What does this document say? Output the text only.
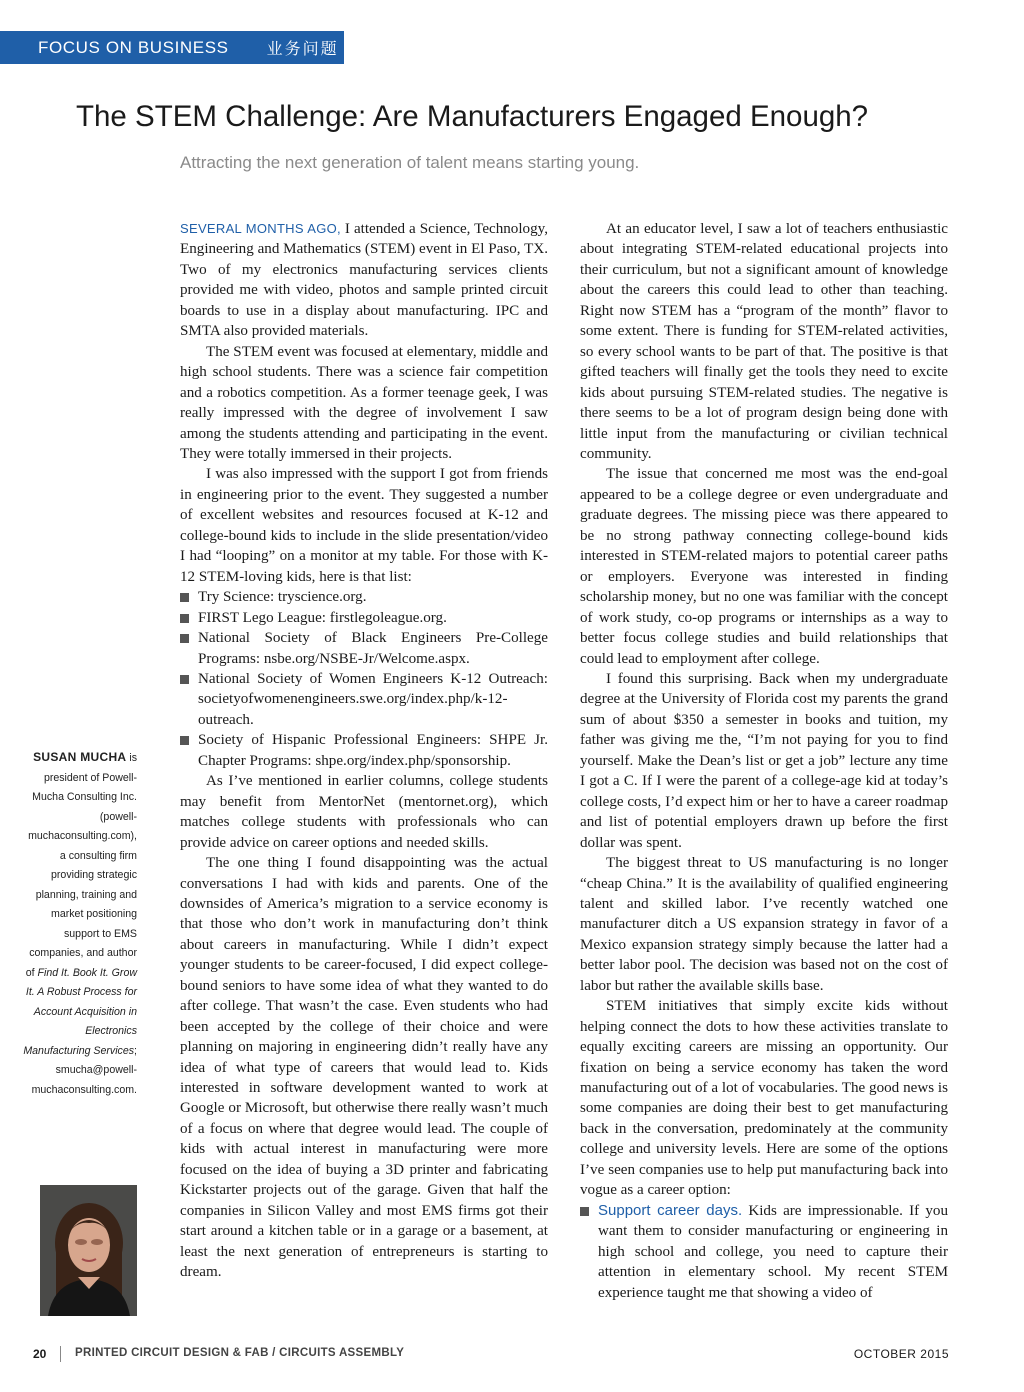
FOCUS ON BUSINESS 业务问题
The STEM Challenge: Are Manufacturers Engaged Enough?

Attracting the next generation of talent means starting young.

SEVERAL MONTHS AGO, I attended a Science, Technology, Engineering and Mathematics (STEM) event in El Paso, TX. Two of my electronics manufacturing services clients provided me with video, photos and sample printed circuit boards to use in a display about manufacturing. IPC and SMTA also provided materials.

The STEM event was focused at elementary, middle and high school students. There was a science fair competition and a robotics competition. As a former teenage geek, I was really impressed with the degree of involvement I saw among the students attending and participating in the event. They were totally immersed in their projects.

I was also impressed with the support I got from friends in engineering prior to the event. They suggested a number of excellent websites and resources focused at K-12 and college-bound kids to include in the slide presentation/video I had “looping” on a monitor at my table. For those with K-12 STEM-loving kids, here is that list:

Try Science: tryscience.org.
FIRST Lego League: firstlegoleague.org.
National Society of Black Engineers Pre-College Programs: nsbe.org/NSBE-Jr/Welcome.aspx.
National Society of Women Engineers K-12 Outreach: societyofwomenengineers.swe.org/index.php/k-12-outreach.
Society of Hispanic Professional Engineers: SHPE Jr. Chapter Programs: shpe.org/index.php/sponsorship.

As I’ve mentioned in earlier columns, college students may benefit from MentorNet (mentornet.org), which matches college students with professionals who can provide advice on career options and needed skills.

The one thing I found disappointing was the actual conversations I had with kids and parents. One of the downsides of America’s migration to a service economy is that those who don’t work in manufacturing don’t think about careers in manufacturing. While I didn’t expect younger students to be career-focused, I did expect college-bound seniors to have some idea of what they wanted to do after college. That wasn’t the case. Even students who had been accepted by the college of their choice and were planning on majoring in engineering didn’t really have any idea of what type of careers that would lead to. Kids interested in software development wanted to work at Google or Microsoft, but otherwise there really wasn’t much of a focus on where that degree would lead. The couple of kids with actual interest in manufacturing were more focused on the idea of buying a 3D printer and fabricating Kickstarter projects out of the garage. Given that half the companies in Silicon Valley and most EMS firms got their start around a kitchen table or in a garage or a basement, at least the next generation of entrepreneurs is starting to dream.

At an educator level, I saw a lot of teachers enthusiastic about integrating STEM-related educational projects into their curriculum, but not a significant amount of knowledge about the careers this could lead to other than teaching. Right now STEM has a “program of the month” flavor to some extent. There is funding for STEM-related activities, so every school wants to be part of that. The positive is that gifted teachers will finally get the tools they need to excite kids about pursuing STEM-related studies. The negative is there seems to be a lot of program design being done with little input from the manufacturing or civilian technical community.

The issue that concerned me most was the end-goal appeared to be a college degree or even undergraduate and graduate degrees. The missing piece was there appeared to be no strong pathway connecting college-bound kids interested in STEM-related majors to potential career paths or employers. Everyone was interested in finding scholarship money, but no one was familiar with the concept of work study, co-op programs or internships as a way to better focus college studies and build relationships that could lead to employment after college.

I found this surprising. Back when my undergraduate degree at the University of Florida cost my parents the grand sum of about $350 a semester in books and tuition, my father was giving me the, “I’m not paying for you to find yourself. Make the Dean’s list or get a job” lecture any time I got a C. If I were the parent of a college-age kid at today’s college costs, I’d expect him or her to have a career roadmap and list of potential employers drawn up before the first dollar was spent.

The biggest threat to US manufacturing is no longer “cheap China.” It is the availability of qualified engineering talent and skilled labor. I’ve recently watched one manufacturer ditch a US expansion strategy in favor of a Mexico expansion strategy simply because the latter had a better labor pool. The decision was based not on the cost of labor but rather the available skills base.

STEM initiatives that simply excite kids without helping connect the dots to how these activities translate to equally exciting careers are missing an opportunity. Our fixation on being a service economy has taken the word manufacturing out of a lot of vocabularies. The good news is some companies are doing their best to get manufacturing back in the conversation, predominately at the community college and university levels. Here are some of the options I’ve seen companies use to help put manufacturing back into vogue as a career option:

Support career days. Kids are impressionable. If you want them to consider manufacturing or engineering in high school and college, you need to capture their attention in elementary school. My recent STEM experience taught me that showing a video of
SUSAN MUCHA is president of Powell-Mucha Consulting Inc. (powell-muchaconsulting.com), a consulting firm providing strategic planning, training and market positioning support to EMS companies, and author of Find It. Book It. Grow It. A Robust Process for Account Acquisition in Electronics Manufacturing Services; smucha@powell-muchaconsulting.com.
20 PRINTED CIRCUIT DESIGN & FAB / CIRCUITS ASSEMBLY	OCTOBER 2015
